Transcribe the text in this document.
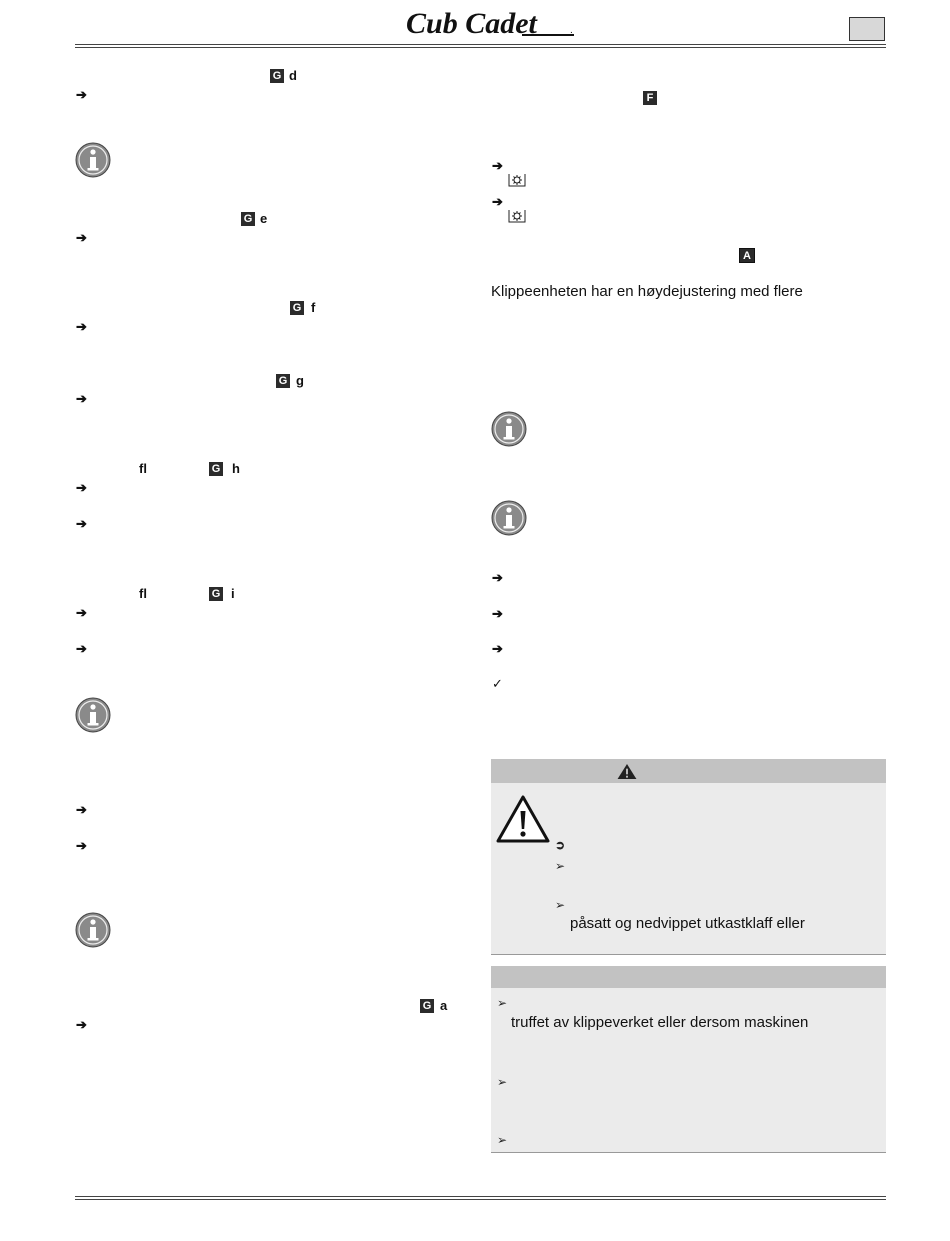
Cub Cadet	.
G d
➔
G e
➔
G f
➔
G g
➔
fl	G h
➔
➔
fl	G i
➔
➔
➔
➔
G a
➔
F
➔
➔
A
Klippeenheten har en høydejustering med flere
➔
➔
➔
✓
➲
➢
➢
påsatt og nedvippet utkastklaff eller
➢
truffet av klippeverket eller dersom maskinen
➢
➢
